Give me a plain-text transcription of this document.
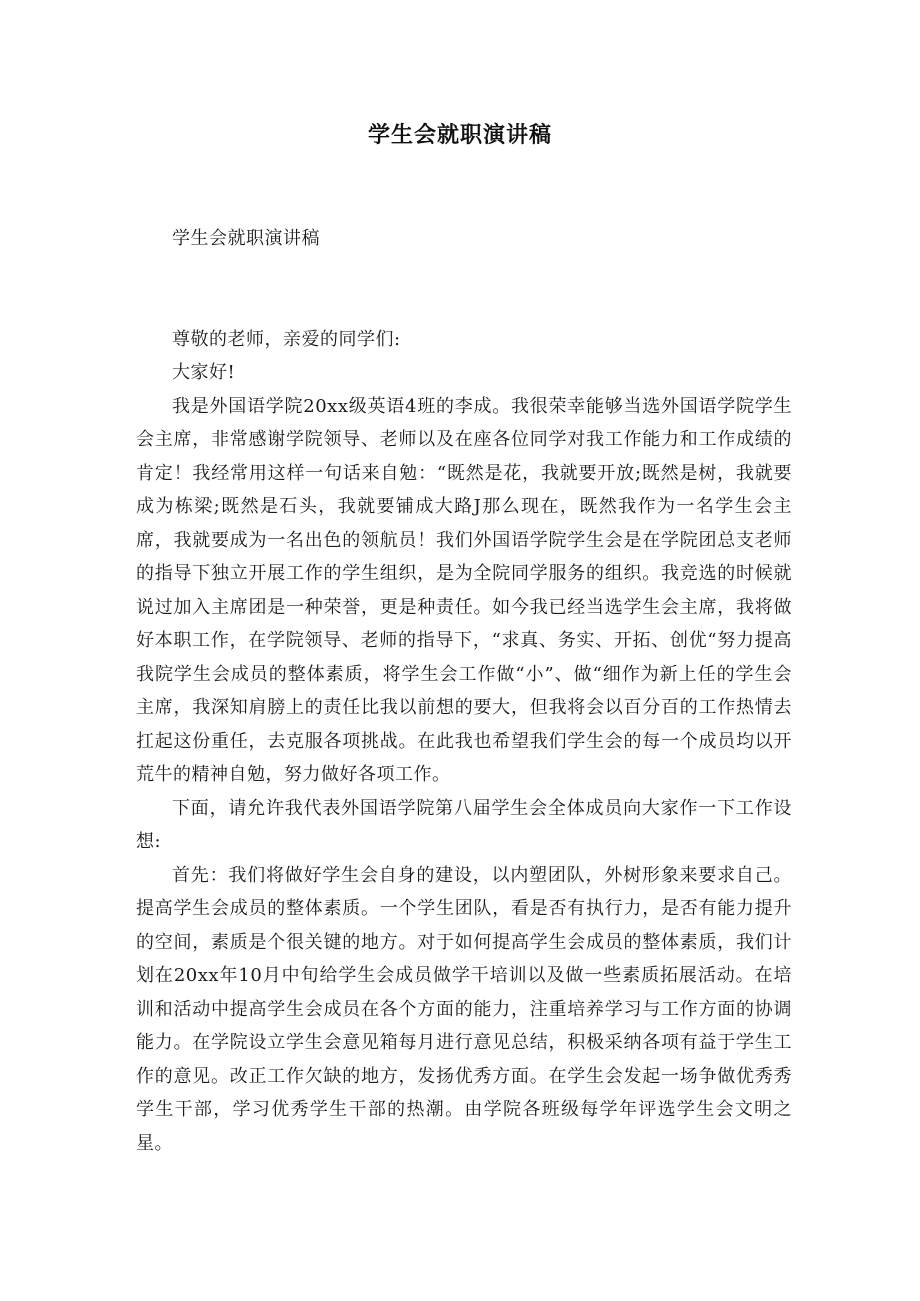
学生会就职演讲稿

学生会就职演讲稿

尊敬的老师，亲爱的同学们:

大家好!

我是外国语学院20xx级英语4班的李成。我很荣幸能够当选外国语学院学生会主席，非常感谢学院领导、老师以及在座各位同学对我工作能力和工作成绩的肯定！我经常用这样一句话来自勉：“既然是花，我就要开放;既然是树，我就要成为栋梁;既然是石头，我就要铺成大路J那么现在，既然我作为一名学生会主席，我就要成为一名出色的领航员！我们外国语学院学生会是在学院团总支老师的指导下独立开展工作的学生组织，是为全院同学服务的组织。我竞选的时候就说过加入主席团是一种荣誉，更是种责任。如今我已经当选学生会主席，我将做好本职工作，在学院领导、老师的指导下，“求真、务实、开拓、创优“努力提高我院学生会成员的整体素质，将学生会工作做“小”、做“细作为新上任的学生会主席，我深知肩膀上的责任比我以前想的要大，但我将会以百分百的工作热情去扛起这份重任，去克服各项挑战。在此我也希望我们学生会的每一个成员均以开荒牛的精神自勉，努力做好各项工作。

下面，请允许我代表外国语学院第八届学生会全体成员向大家作一下工作设想:

首先：我们将做好学生会自身的建设，以内塑团队，外树形象来要求自己。提高学生会成员的整体素质。一个学生团队，看是否有执行力，是否有能力提升的空间，素质是个很关键的地方。对于如何提高学生会成员的整体素质，我们计划在20xx年10月中旬给学生会成员做学干培训以及做一些素质拓展活动。在培训和活动中提高学生会成员在各个方面的能力，注重培养学习与工作方面的协调能力。在学院设立学生会意见箱每月进行意见总结，积极采纳各项有益于学生工作的意见。改正工作欠缺的地方，发扬优秀方面。在学生会发起一场争做优秀秀学生干部，学习优秀学生干部的热潮。由学院各班级每学年评选学生会文明之星。
